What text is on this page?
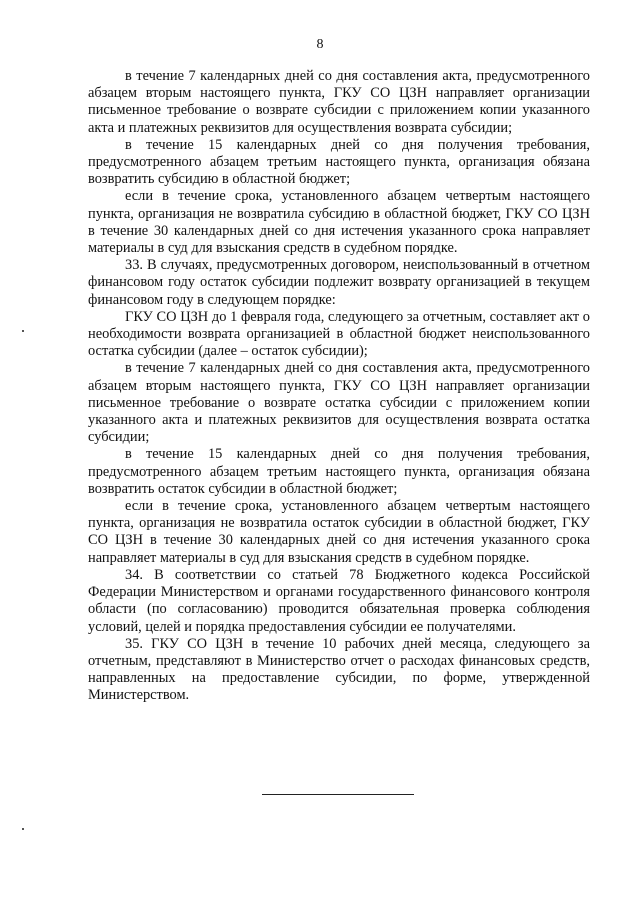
8

в течение 7 календарных дней со дня составления акта, предусмотренного абзацем вторым настоящего пункта, ГКУ СО ЦЗН направляет организации письменное требование о возврате субсидии с приложением копии указанного акта и платежных реквизитов для осуществления возврата субсидии;

в течение 15 календарных дней со дня получения требования, предусмотренного абзацем третьим настоящего пункта, организация обязана возвратить субсидию в областной бюджет;

если в течение срока, установленного абзацем четвертым настоящего пункта, организация не возвратила субсидию в областной бюджет, ГКУ СО ЦЗН в течение 30 календарных дней со дня истечения указанного срока направляет материалы в суд для взыскания средств в судебном порядке.

33. В случаях, предусмотренных договором, неиспользованный в отчетном финансовом году остаток субсидии подлежит возврату организацией в текущем финансовом году в следующем порядке:

ГКУ СО ЦЗН до 1 февраля года, следующего за отчетным, составляет акт о необходимости возврата организацией в областной бюджет неиспользованного остатка субсидии (далее – остаток субсидии);

в течение 7 календарных дней со дня составления акта, предусмотренного абзацем вторым настоящего пункта, ГКУ СО ЦЗН направляет организации письменное требование о возврате остатка субсидии с приложением копии указанного акта и платежных реквизитов для осуществления возврата остатка субсидии;

в течение 15 календарных дней со дня получения требования, предусмотренного абзацем третьим настоящего пункта, организация обязана возвратить остаток субсидии в областной бюджет;

если в течение срока, установленного абзацем четвертым настоящего пункта, организация не возвратила остаток субсидии в областной бюджет, ГКУ СО ЦЗН в течение 30 календарных дней со дня истечения указанного срока направляет материалы в суд для взыскания средств в судебном порядке.

34. В соответствии со статьей 78 Бюджетного кодекса Российской Федерации Министерством и органами государственного финансового контроля области (по согласованию) проводится обязательная проверка соблюдения условий, целей и порядка предоставления субсидии ее получателями.

35. ГКУ СО ЦЗН в течение 10 рабочих дней месяца, следующего за отчетным, представляют в Министерство отчет о расходах финансовых средств, направленных на предоставление субсидии, по форме, утвержденной Министерством.
